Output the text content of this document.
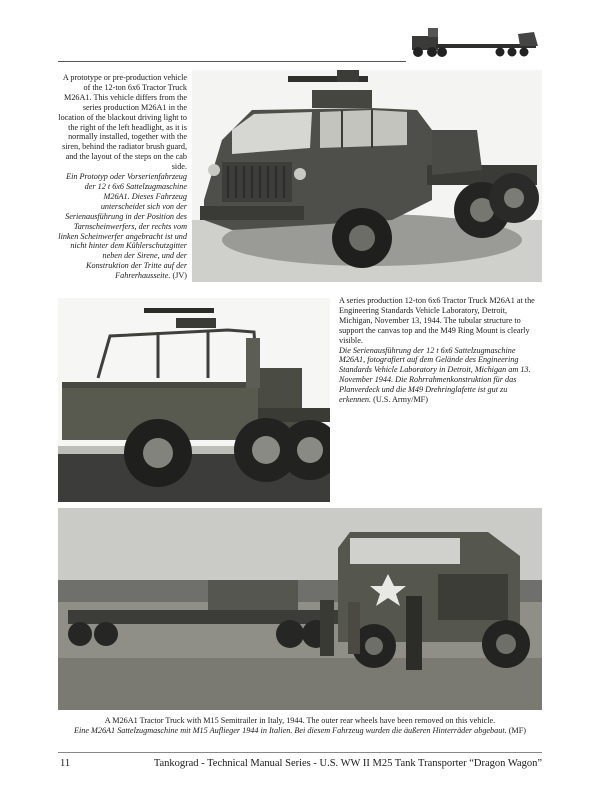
A prototype or pre-production vehicle of the 12-ton 6x6 Tractor Truck M26A1. This vehicle differs from the series production M26A1 in the location of the blackout driving light to the right of the left headlight, as it is normally installed, together with the siren, behind the radiator brush guard, and the layout of the steps on the cab side.

Ein Prototyp oder Vorserienfahrzeug der 12 t 6x6 Sattelzugmaschine M26A1. Dieses Fahrzeug unterscheidet sich von der Serienausführung in der Position des Tarnscheinwerfers, der rechts vom linken Scheinwerfer angebracht ist und nicht hinter dem Kühlerschutzgitter neben der Sirene, und der Konstruktion der Tritte auf der Fahrerhausseite. (JV)

A series production 12-ton 6x6 Tractor Truck M26A1 at the Engineering Standards Vehicle Laboratory, Detroit, Michigan, November 13, 1944. The tubular structure to support the canvas top and the M49 Ring Mount is clearly visible.

Die Serienausführung der 12 t 6x6 Sattelzugmaschine M26A1, fotografiert auf dem Gelände des Engineering Standards Vehicle Laboratory in Detroit, Michigan am 13. November 1944. Die Rohrrahmenkonstruktion für das Planverdeck und die M49 Drehringlafette ist gut zu erkennen. (U.S. Army/MF)

A M26A1 Tractor Truck with M15 Semitrailer in Italy, 1944. The outer rear wheels have been removed on this vehicle.

Eine M26A1 Sattelzugmaschine mit M15 Auflieger 1944 in Italien. Bei diesem Fahrzeug wurden die äußeren Hinterräder abgebaut. (MF)

11	Tankograd - Technical Manual Series - U.S. WW II M25 Tank Transporter “Dragon Wagon”
